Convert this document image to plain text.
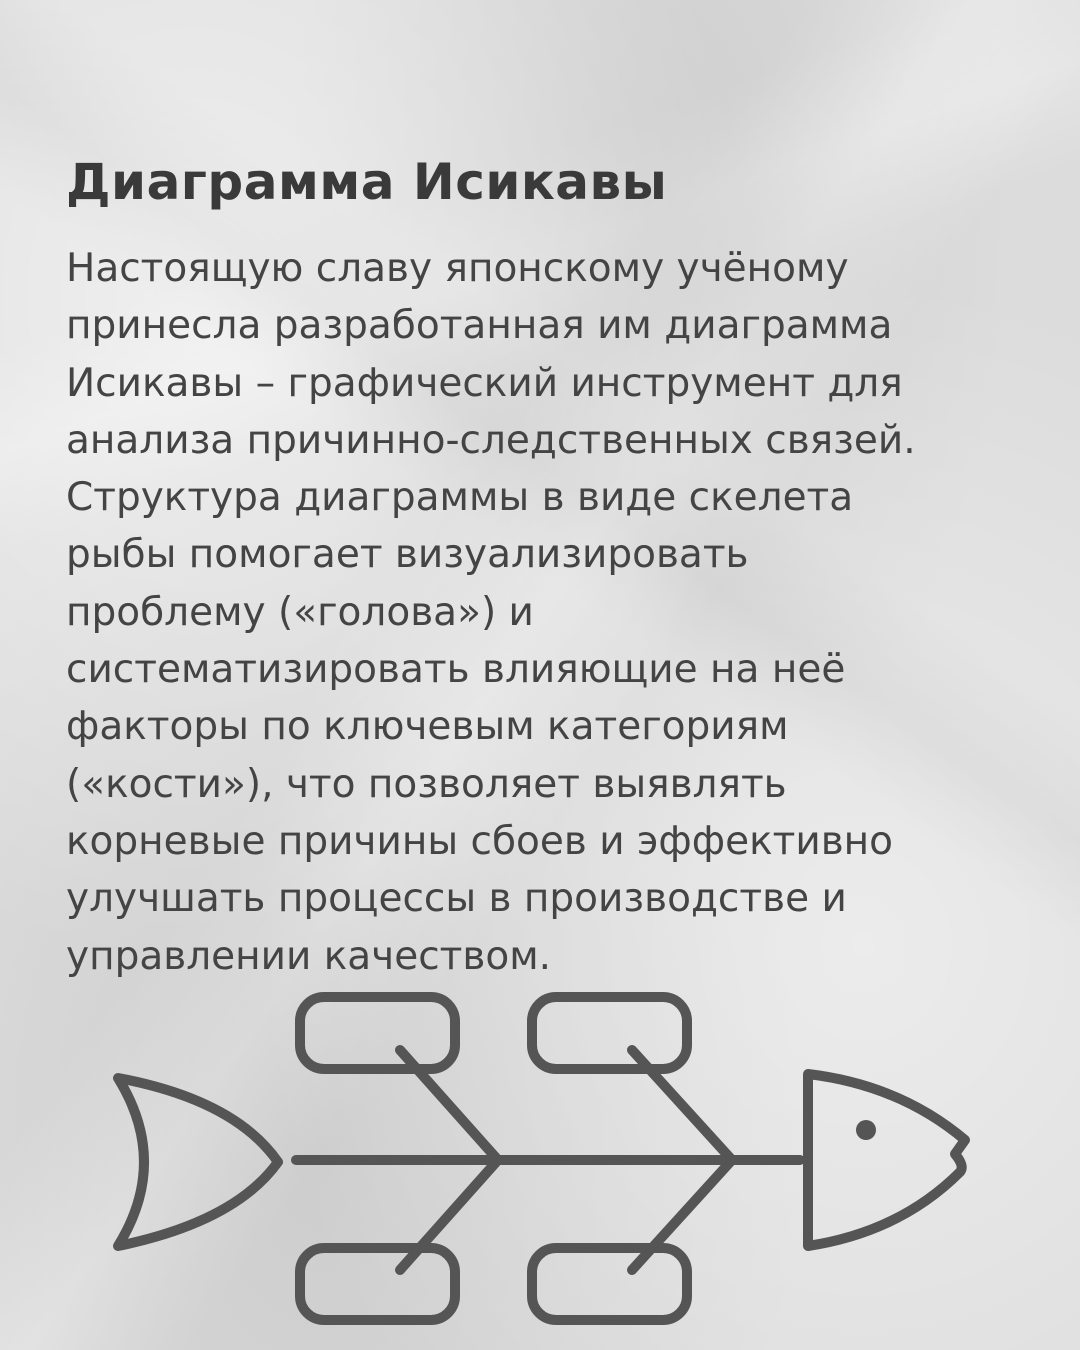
Диаграмма Исикавы
Настоящую славу японскому учёному
принесла разработанная им диаграмма
Исикавы – графический инструмент для
анализа причинно-следственных связей.
Структура диаграммы в виде скелета
рыбы помогает визуализировать
проблему («голова») и
систематизировать влияющие на неё
факторы по ключевым категориям
(«кости»), что позволяет выявлять
корневые причины сбоев и эффективно
улучшать процессы в производстве и
управлении качеством.
